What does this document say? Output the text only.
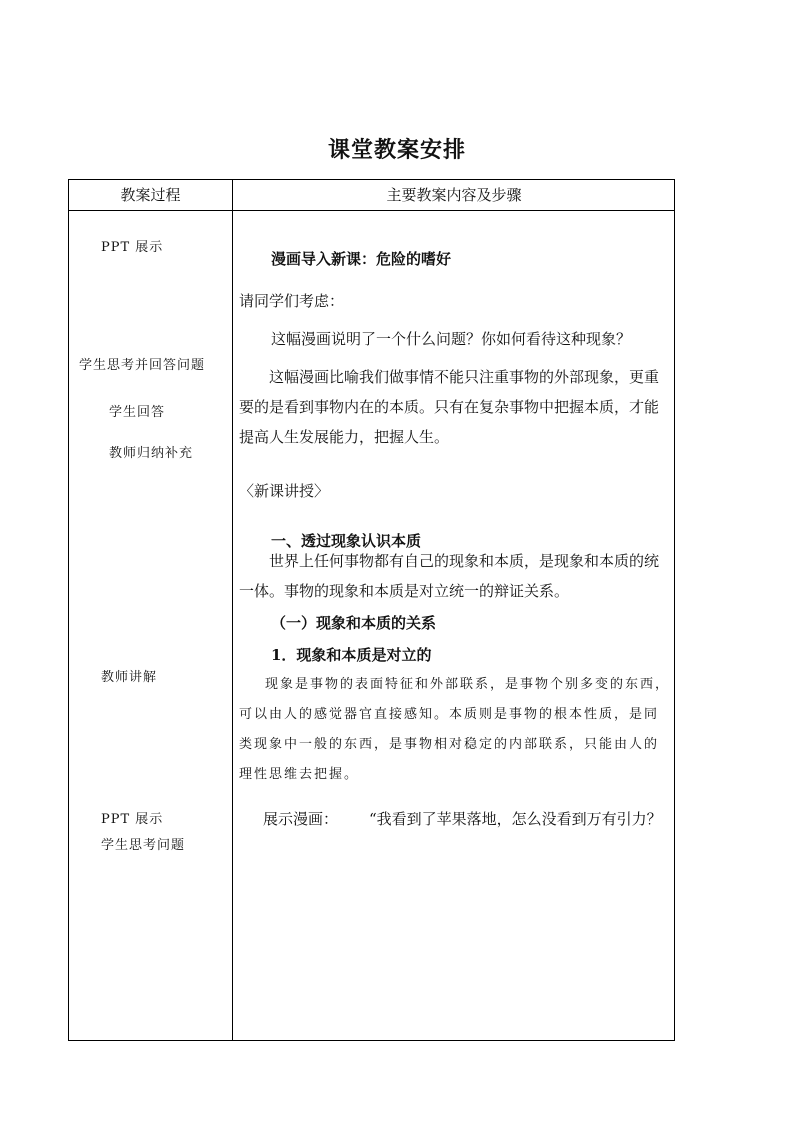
课堂教案安排
教案过程	主要教案内容及步骤
PPT 展示
学生思考并回答问题
学生回答
教师归纳补充
教师讲解
PPT 展示
学生思考问题
漫画导入新课：危险的嗜好
请同学们考虑：
这幅漫画说明了一个什么问题？你如何看待这种现象？
这幅漫画比喻我们做事情不能只注重事物的外部现象，更重要的是看到事物内在的本质。只有在复杂事物中把握本质，才能提高人生发展能力，把握人生。
〈新课讲授〉
一、透过现象认识本质
世界上任何事物都有自己的现象和本质，是现象和本质的统一体。事物的现象和本质是对立统一的辩证关系。
（一）现象和本质的关系
1．现象和本质是对立的
现象是事物的表面特征和外部联系，是事物个别多变的东西，可以由人的感觉器官直接感知。本质则是事物的根本性质，是同类现象中一般的东西，是事物相对稳定的内部联系，只能由人的理性思维去把握。
展示漫画：	“我看到了苹果落地，怎么没看到万有引力？
